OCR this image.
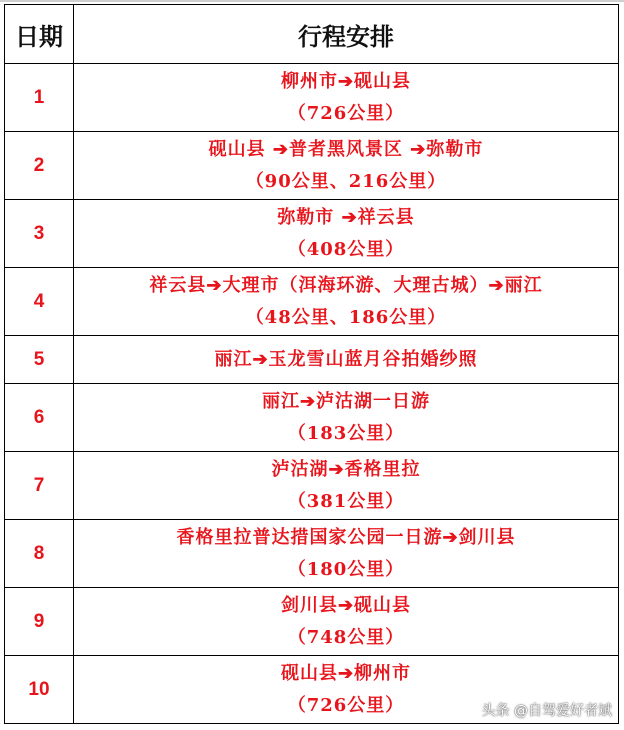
日期	行程安排
1	柳州市➔砚山县
（726公里）

2	砚山县 ➔普者黑风景区 ➔弥勒市
（90公里、216公里）

3	弥勒市 ➔祥云县
（408公里）

4	祥云县➔大理市（洱海环游、大理古城）➔丽江
（48公里、186公里）

5	丽江➔玉龙雪山蓝月谷拍婚纱照

6	丽江➔泸沽湖一日游
（183公里）

7	泸沽湖➔香格里拉
（381公里）

8	香格里拉普达措国家公园一日游➔剑川县
（180公里）

9	剑川县➔砚山县
（748公里）

10	砚山县➔柳州市
（726公里）	头条 @自驾爱好者斌
